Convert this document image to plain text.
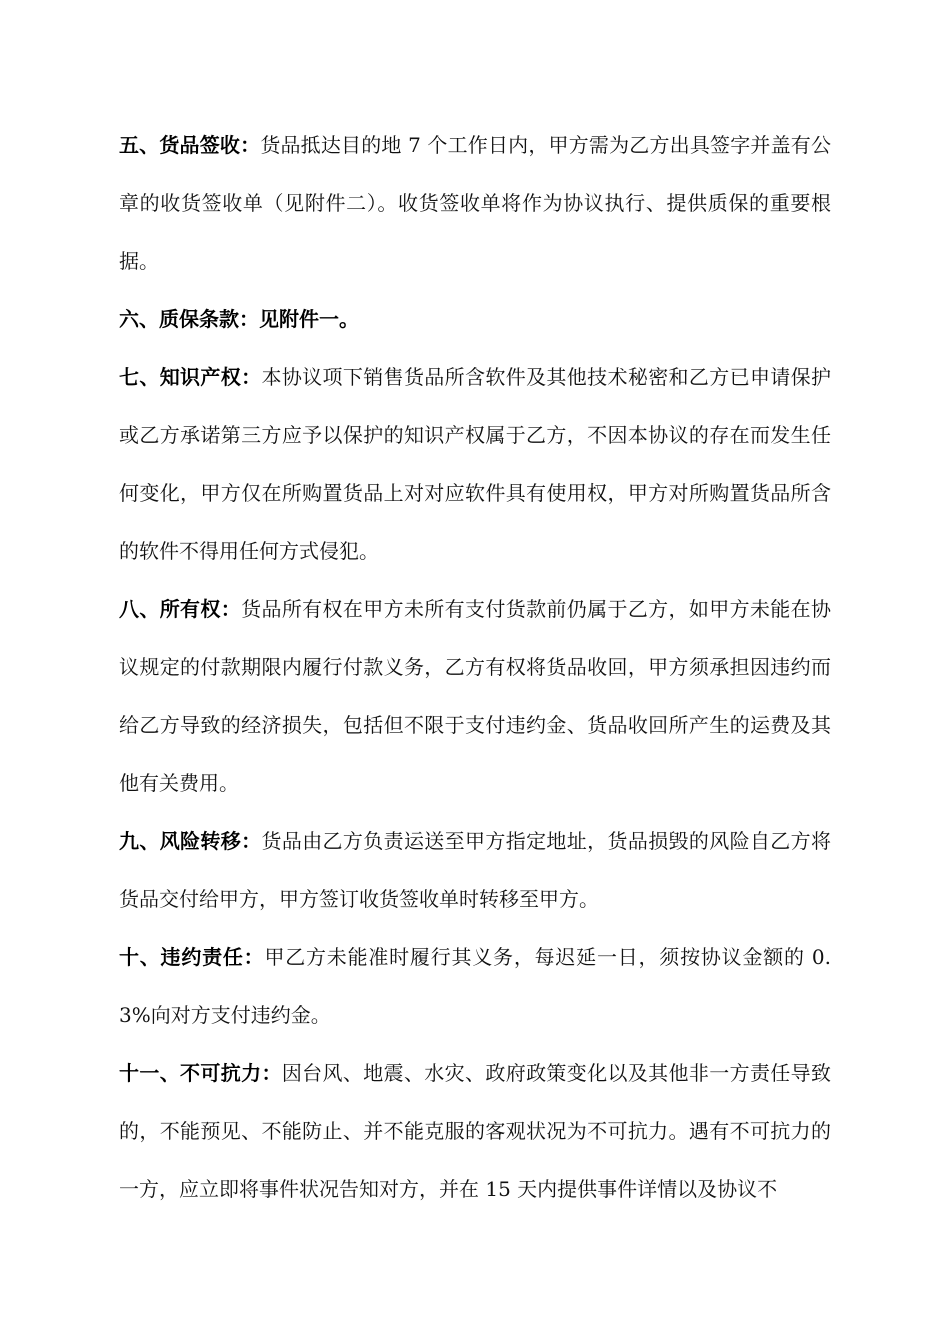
五、货品签收：货品抵达目的地 7 个工作日内，甲方需为乙方出具签字并盖有公章的收货签收单（见附件二）。收货签收单将作为协议执行、提供质保的重要根据。

六、质保条款：见附件一。

七、知识产权：本协议项下销售货品所含软件及其他技术秘密和乙方已申请保护或乙方承诺第三方应予以保护的知识产权属于乙方，不因本协议的存在而发生任何变化，甲方仅在所购置货品上对对应软件具有使用权，甲方对所购置货品所含的软件不得用任何方式侵犯。

八、所有权：货品所有权在甲方未所有支付货款前仍属于乙方，如甲方未能在协议规定的付款期限内履行付款义务，乙方有权将货品收回，甲方须承担因违约而给乙方导致的经济损失，包括但不限于支付违约金、货品收回所产生的运费及其他有关费用。

九、风险转移：货品由乙方负责运送至甲方指定地址，货品损毁的风险自乙方将货品交付给甲方，甲方签订收货签收单时转移至甲方。

十、违约责任：甲乙方未能准时履行其义务，每迟延一日，须按协议金额的 0.3%向对方支付违约金。

十一、不可抗力：因台风、地震、水灾、政府政策变化以及其他非一方责任导致的，不能预见、不能防止、并不能克服的客观状况为不可抗力。遇有不可抗力的一方，应立即将事件状况告知对方，并在 15 天内提供事件详情以及协议不
